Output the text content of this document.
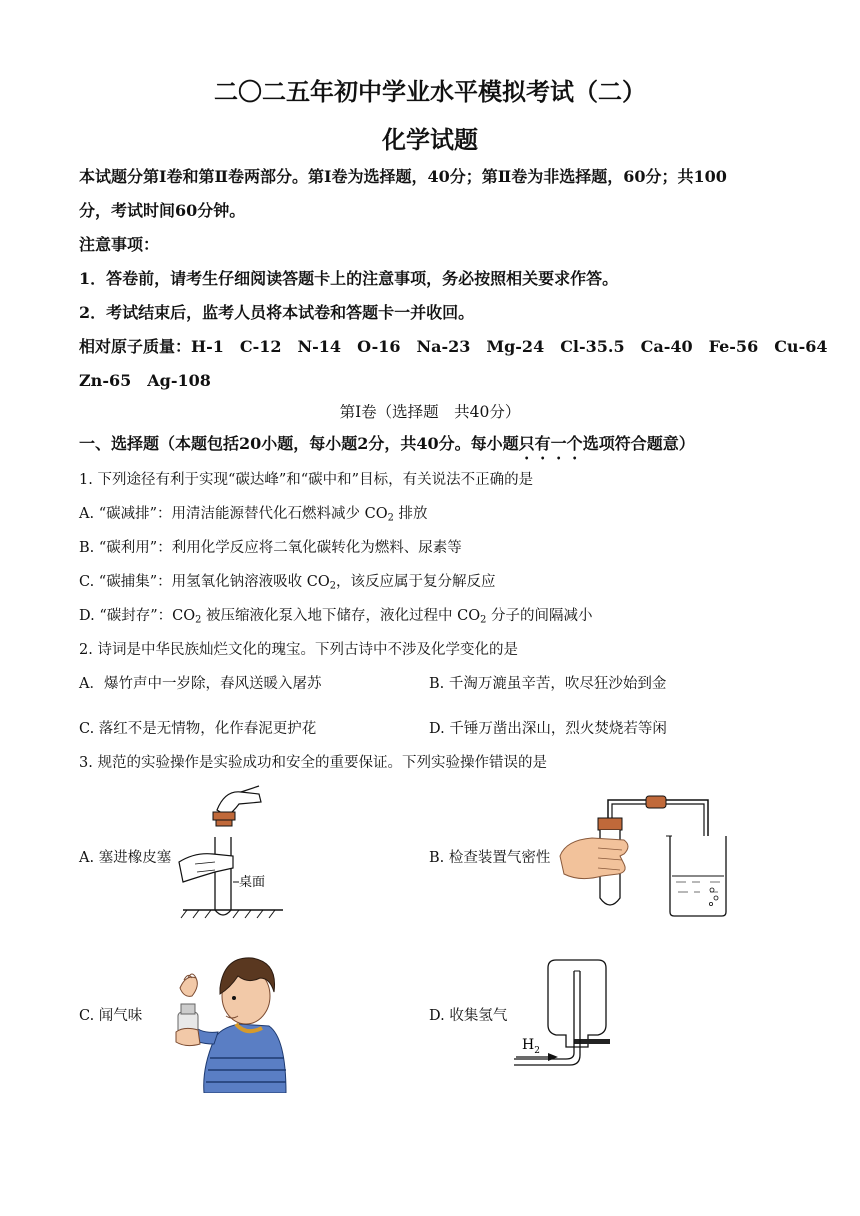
二〇二五年初中学业水平模拟考试（二）
化学试题
本试题分第Ⅰ卷和第Ⅱ卷两部分。第Ⅰ卷为选择题，40分；第Ⅱ卷为非选择题，60分；共100
分，考试时间60分钟。
注意事项：
1．答卷前，请考生仔细阅读答题卡上的注意事项，务必按照相关要求作答。
2．考试结束后，监考人员将本试卷和答题卡一并收回。
相对原子质量：H-1　C-12　N-14　O-16　Na-23　Mg-24　Cl-35.5　Ca-40　Fe-56　Cu-64
Zn-65　Ag-108
第Ⅰ卷（选择题　共40分）
一、选择题（本题包括20小题，每小题2分，共40分。每小题只有一个选项符合题意）
1. 下列途径有利于实现“碳达峰”和“碳中和”目标，有关说法不正确的是
A. “碳减排”：用清洁能源替代化石燃料减少 $CO_2$ 排放
B. “碳利用”：利用化学反应将二氧化碳转化为燃料、尿素等
C. “碳捕集”：用氢氧化钠溶液吸收 $CO_2$，该反应属于复分解反应
D. “碳封存”：$CO_2$ 被压缩液化泵入地下储存，液化过程中 $CO_2$ 分子的间隔减小
2. 诗词是中华民族灿烂文化的瑰宝。下列古诗中不涉及化学变化的是
A．爆竹声中一岁除，春风送暖入屠苏	B. 千淘万漉虽辛苦，吹尽狂沙始到金
C. 落红不是无情物，化作春泥更护花	D. 千锤万凿出深山，烈火焚烧若等闲
3. 规范的实验操作是实验成功和安全的重要保证。下列实验操作错误的是
A. 塞进橡皮塞	B. 检查装置气密性
C. 闻气味	D. 收集氢气
桌面
$H_2$
